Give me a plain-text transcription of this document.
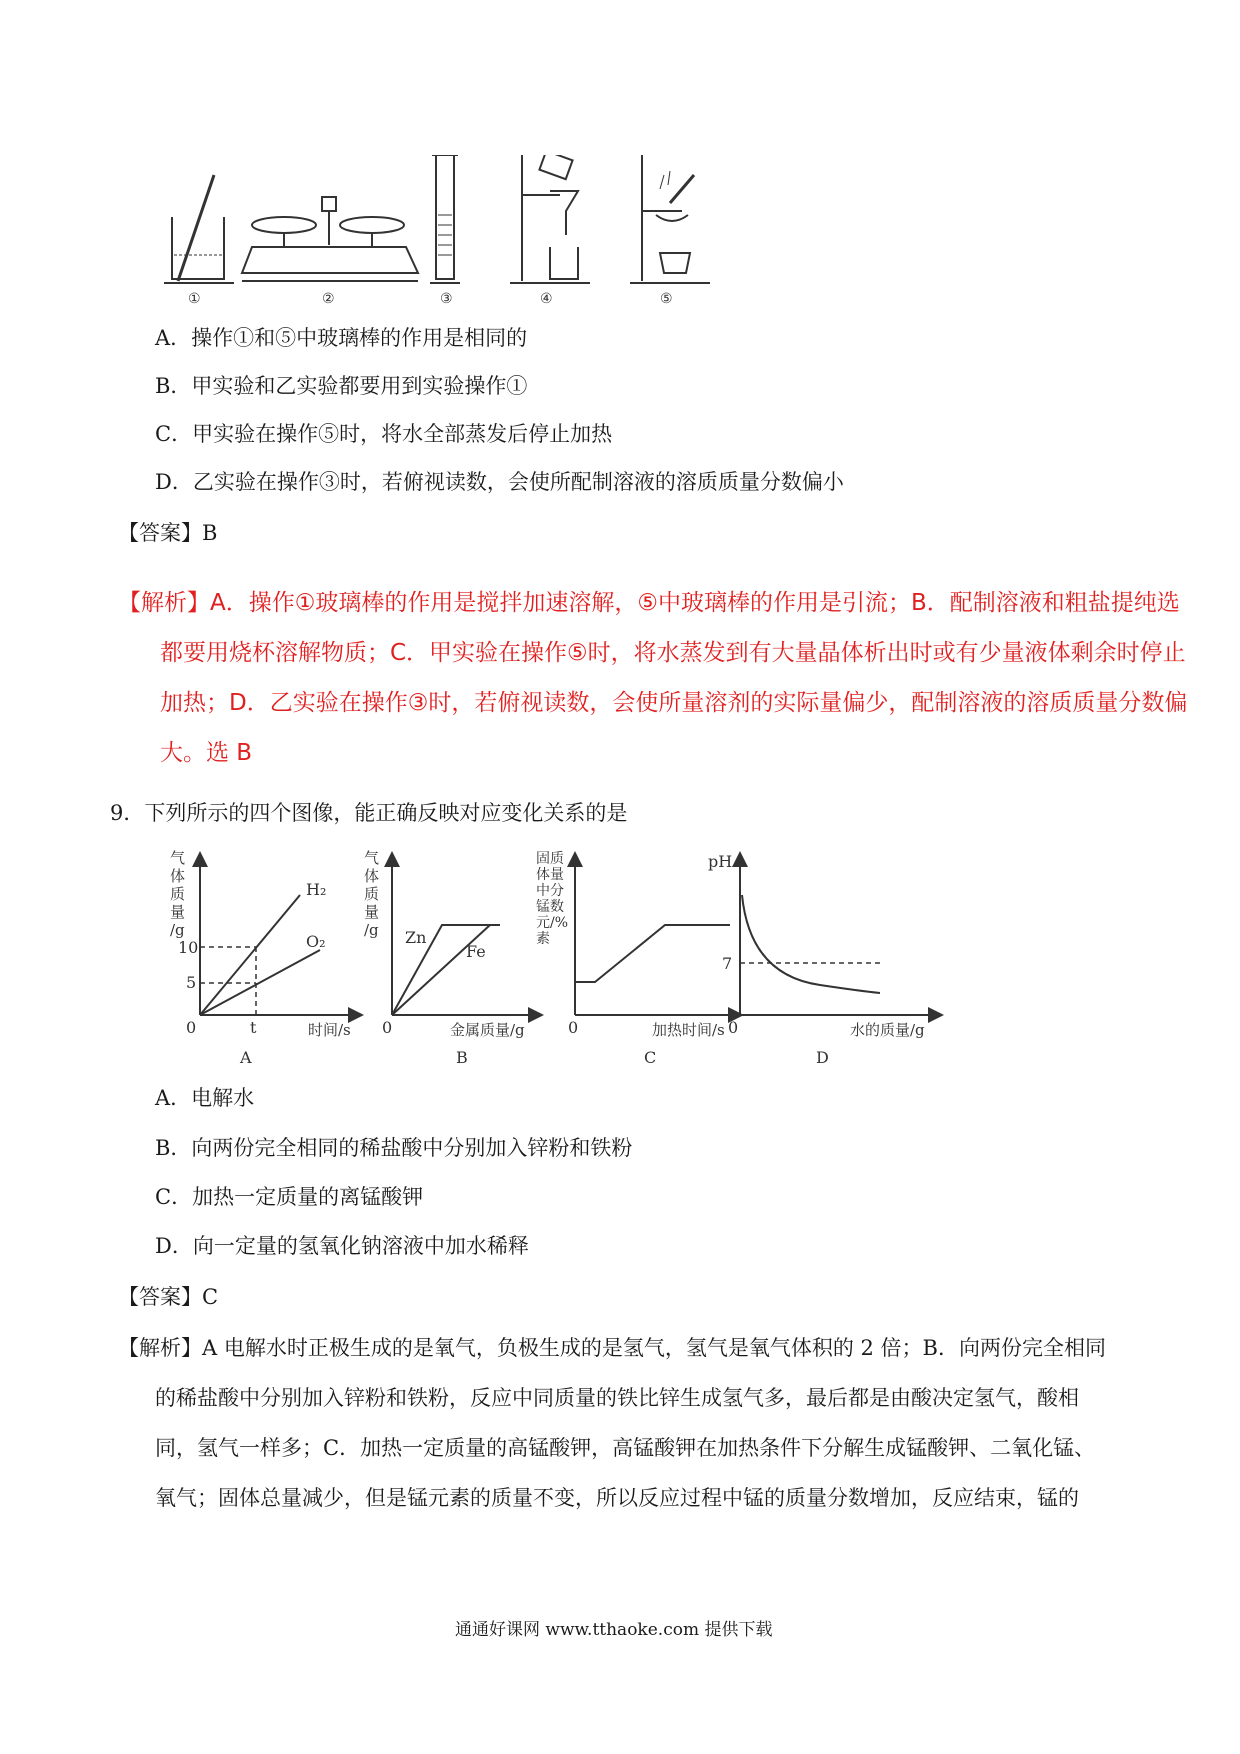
①	②	③	④	⑤
A．操作①和⑤中玻璃棒的作用是相同的
B．甲实验和乙实验都要用到实验操作①
C．甲实验在操作⑤时，将水全部蒸发后停止加热
D．乙实验在操作③时，若俯视读数，会使所配制溶液的溶质质量分数偏小
【答案】B
【解析】A．操作①玻璃棒的作用是搅拌加速溶解，⑤中玻璃棒的作用是引流；B．配制溶液和粗盐提纯选
都要用烧杯溶解物质；C．甲实验在操作⑤时，将水蒸发到有大量晶体析出时或有少量液体剩余时停止
加热；D．乙实验在操作③时，若俯视读数，会使所量溶剂的实际量偏少，配制溶液的溶质质量分数偏
大。选 B
9．下列所示的四个图像，能正确反映对应变化关系的是
气 体 质 量 /g
H₂
O₂
10
5
0	t	时间/s
A
气 体 质 量 /g	Zn
Fe
0	金属质量/g
B
固质
体量
中分
锰数
元/%
素
0	加热时间/s
C
pH
7
0	水的质量/g
D
A．电解水
B．向两份完全相同的稀盐酸中分别加入锌粉和铁粉
C．加热一定质量的离锰酸钾
D．向一定量的氢氧化钠溶液中加水稀释
【答案】C
【解析】A 电解水时正极生成的是氧气，负极生成的是氢气，氢气是氧气体积的 2 倍；B．向两份完全相同
的稀盐酸中分别加入锌粉和铁粉，反应中同质量的铁比锌生成氢气多，最后都是由酸决定氢气，酸相
同，氢气一样多；C．加热一定质量的高锰酸钾，高锰酸钾在加热条件下分解生成锰酸钾、二氧化锰、
氧气；固体总量减少，但是锰元素的质量不变，所以反应过程中锰的质量分数增加，反应结束，锰的
通通好课网 www.tthaoke.com 提供下载
